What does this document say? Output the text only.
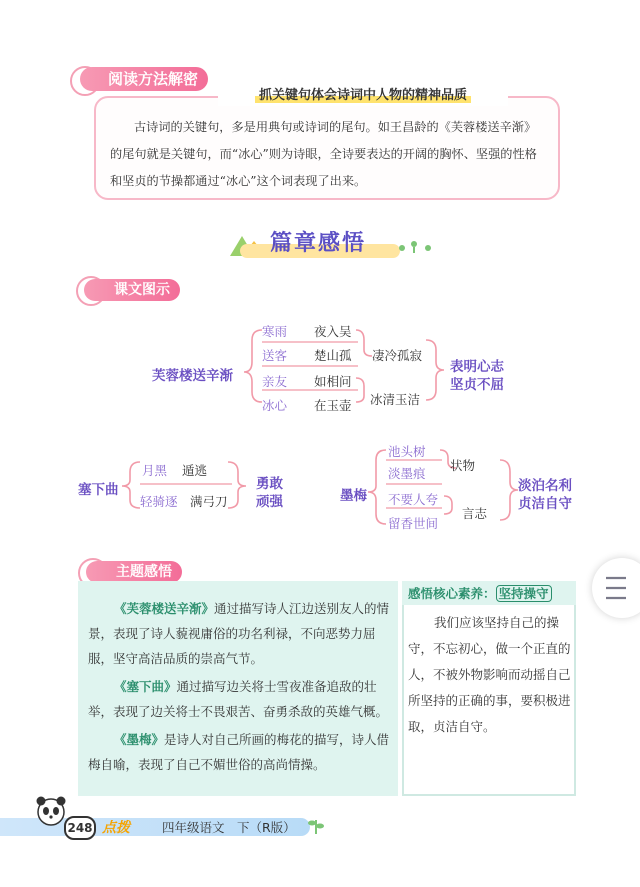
阅读方法解密
抓关键句体会诗词中人物的精神品质
古诗词的关键句，多是用典句或诗词的尾句。如王昌龄的《芙蓉楼送辛渐》的尾句就是关键句，而“冰心”则为诗眼，全诗要表达的开阔的胸怀、坚强的性格和坚贞的节操都通过“冰心”这个词表现了出来。
篇章感悟
课文图示
芙蓉楼送辛渐
寒雨 夜入吴
送客 楚山孤
亲友 如相问
冰心 在玉壶
凄冷孤寂
冰清玉洁
表明心志
坚贞不屈
塞下曲
月黑 遁逃
轻骑逐 满弓刀
勇敢
顽强	墨梅
池头树
淡墨痕
不要人夸
留香世间
状物
言志
淡泊名利
贞洁自守
主题感悟

《芙蓉楼送辛渐》通过描写诗人江边送别友人的情景，表现了诗人藐视庸俗的功名利禄，不向恶势力屈服，坚守高洁品质的崇高气节。

《塞下曲》通过描写边关将士雪夜准备追敌的壮举，表现了边关将士不畏艰苦、奋勇杀敌的英雄气概。

《墨梅》是诗人对自己所画的梅花的描写，诗人借梅自喻，表现了自己不媚世俗的高尚情操。

感悟核心素养： 坚持操守
我们应该坚持自己的操守，不忘初心，做一个正直的人，不被外物影响而动摇自己所坚持的正确的事，要积极进取，贞洁自守。
248 点拨	四年级语文　下（R版）
